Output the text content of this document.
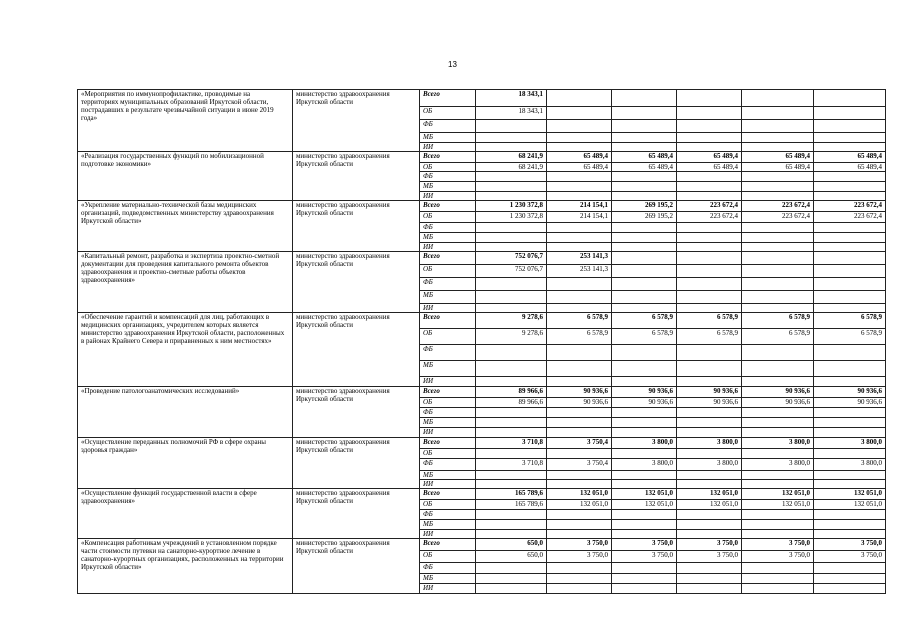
13
«Мероприятия по иммунопрофилактике, проводимые на территориях муниципальных образований Иркутской области, пострадавших в результате чрезвычайной ситуации в июне 2019 года»	министерство здравоохранения Иркутской области	Всего	18 343,1					
		ОБ	18 343,1					
		ФБ						
		МБ						
		ИИ						
«Реализация государственных функций по мобилизационной подготовке экономики»	министерство здравоохранения Иркутской области	Всего	68 241,9	65 489,4	65 489,4	65 489,4	65 489,4	65 489,4
		ОБ	68 241,9	65 489,4	65 489,4	65 489,4	65 489,4	65 489,4
		ФБ						
		МБ						
		ИИ						
«Укрепление материально-технической базы медицинских организаций, подведомственных министерству здравоохранения Иркутской области»	министерство здравоохранения Иркутской области	Всего	1 230 372,8	214 154,1	269 195,2	223 672,4	223 672,4	223 672,4
		ОБ	1 230 372,8	214 154,1	269 195,2	223 672,4	223 672,4	223 672,4
		ФБ						
		МБ						
		ИИ						
«Капитальный ремонт, разработка и экспертиза проектно-сметной документации для проведения капитального ремонта объектов здравоохранения и проектно-сметные работы объектов здравоохранения»	министерство здравоохранения Иркутской области	Всего	752 076,7	253 141,3				
		ОБ	752 076,7	253 141,3				
		ФБ						
		МБ						
		ИИ						
«Обеспечение гарантий и компенсаций для лиц, работающих в медицинских организациях, учредителем которых является министерство здравоохранения Иркутской области, расположенных в районах Крайнего Севера и приравненных к ним местностях»	министерство здравоохранения Иркутской области	Всего	9 278,6	6 578,9	6 578,9	6 578,9	6 578,9	6 578,9
		ОБ	9 278,6	6 578,9	6 578,9	6 578,9	6 578,9	6 578,9
		ФБ						
		МБ						
		ИИ						
«Проведение патологоанатомических исследований»	министерство здравоохранения Иркутской области	Всего	89 966,6	90 936,6	90 936,6	90 936,6	90 936,6	90 936,6
		ОБ	89 966,6	90 936,6	90 936,6	90 936,6	90 936,6	90 936,6
		ФБ						
		МБ						
		ИИ						
«Осуществление переданных полномочий РФ в сфере охраны здоровья граждан»	министерство здравоохранения Иркутской области	Всего	3 710,8	3 750,4	3 800,0	3 800,0	3 800,0	3 800,0
		ОБ						
		ФБ	3 710,8	3 750,4	3 800,0	3 800,0	3 800,0	3 800,0
		МБ						
		ИИ						
«Осуществление функций государственной власти в сфере здравоохранения»	министерство здравоохранения Иркутской области	Всего	165 789,6	132 051,0	132 051,0	132 051,0	132 051,0	132 051,0
		ОБ	165 789,6	132 051,0	132 051,0	132 051,0	132 051,0	132 051,0
		ФБ						
		МБ						
		ИИ						
«Компенсация работникам учреждений в установленном порядке части стоимости путевки на санаторно-курортное лечение в санаторно-курортных организациях, расположенных на территории Иркутской области»	министерство здравоохранения Иркутской области	Всего	650,0	3 750,0	3 750,0	3 750,0	3 750,0	3 750,0
		ОБ	650,0	3 750,0	3 750,0	3 750,0	3 750,0	3 750,0
		ФБ						
		МБ						
		ИИ						
